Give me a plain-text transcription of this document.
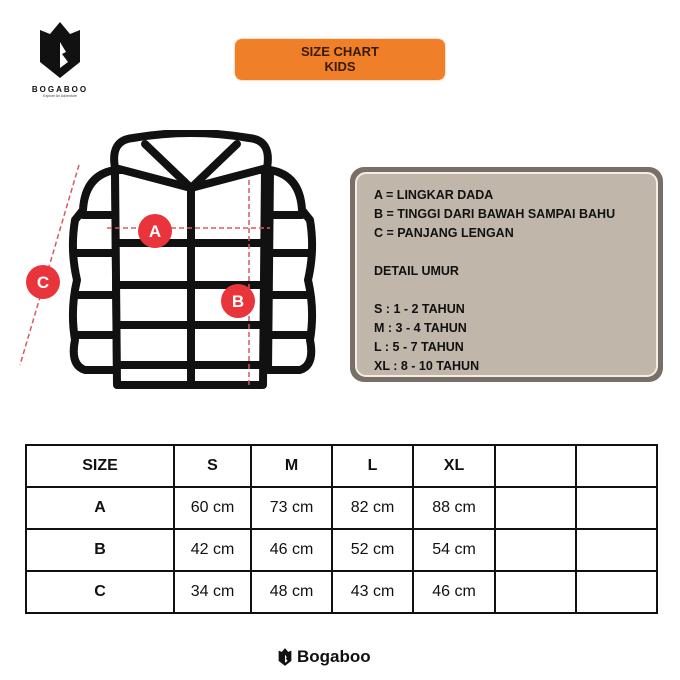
BOGABOO
Explore An Adventure
SIZE CHART
KIDS
A
B
C
A = LINGKAR DADA
B = TINGGI DARI BAWAH SAMPAI BAHU
C = PANJANG LENGAN
DETAIL UMUR
S : 1 - 2 TAHUN
M : 3 - 4 TAHUN
L : 5 - 7 TAHUN
XL : 8 - 10 TAHUN
SIZE	S	M	L	XL		
A	60 cm	73 cm	82 cm	88 cm		
B	42 cm	46 cm	52 cm	54 cm		
C	34 cm	48 cm	43 cm	46 cm		
Bogaboo
